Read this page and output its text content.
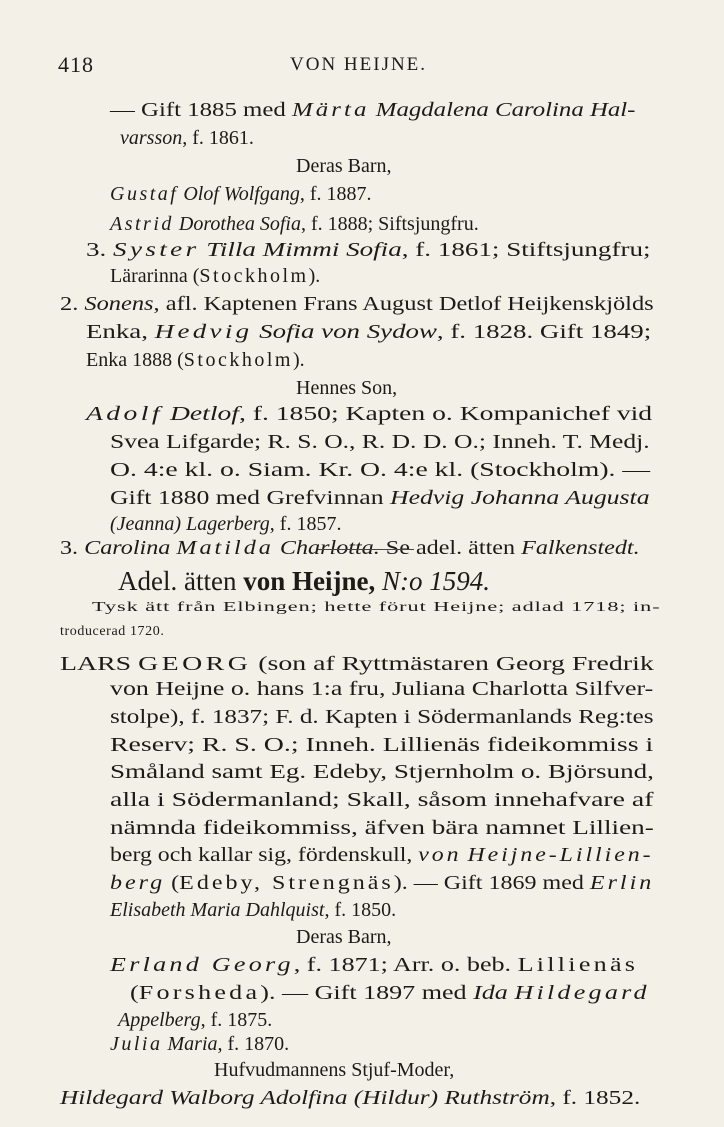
418	VON HEIJNE.
— Gift 1885 med Märta Magdalena Carolina Hal-
varsson, f. 1861.
Deras Barn,
Gustaf Olof Wolfgang, f. 1887.
Astrid Dorothea Sofia, f. 1888; Siftsjungfru.
3. Syster Tilla Mimmi Sofia, f. 1861; Stiftsjungfru;
Lärarinna (Stockholm).
2. Sonens, afl. Kaptenen Frans August Detlof Heijkenskjölds
Enka, Hedvig Sofia von Sydow, f. 1828. Gift 1849;
Enka 1888 (Stockholm).
Hennes Son,
Adolf Detlof, f. 1850; Kapten o. Kompanichef vid
Svea Lifgarde; R. S. O., R. D. D. O.; Inneh. T. Medj.
O. 4:e kl. o. Siam. Kr. O. 4:e kl. (Stockholm). —
Gift 1880 med Grefvinnan Hedvig Johanna Augusta
(Jeanna) Lagerberg, f. 1857.
3. Carolina Matilda Charlotta. Se adel. ätten Falkenstedt.
Adel. ätten von Heijne, N:o 1594.
Tysk ätt från Elbingen; hette förut Heijne; adlad 1718; in-
troducerad 1720.
LARS GEORG (son af Ryttmästaren Georg Fredrik
von Heijne o. hans 1:a fru, Juliana Charlotta Silfver-
stolpe), f. 1837; F. d. Kapten i Södermanlands Reg:tes
Reserv; R. S. O.; Inneh. Lillienäs fideikommiss i
Småland samt Eg. Edeby, Stjernholm o. Björsund,
alla i Södermanland; Skall, såsom innehafvare af
nämnda fideikommiss, äfven bära namnet Lillien-
berg och kallar sig, fördenskull, von Heijne-Lillien-
berg (Edeby, Strengnäs). — Gift 1869 med Erlin
Elisabeth Maria Dahlquist, f. 1850.
Deras Barn,
Erland Georg, f. 1871; Arr. o. beb. Lillienäs
(Forsheda). — Gift 1897 med Ida Hildegard
Appelberg, f. 1875.
Julia Maria, f. 1870.
Hufvudmannens Stjuf-Moder,
Hildegard Walborg Adolfina (Hildur) Ruthström, f. 1852.
